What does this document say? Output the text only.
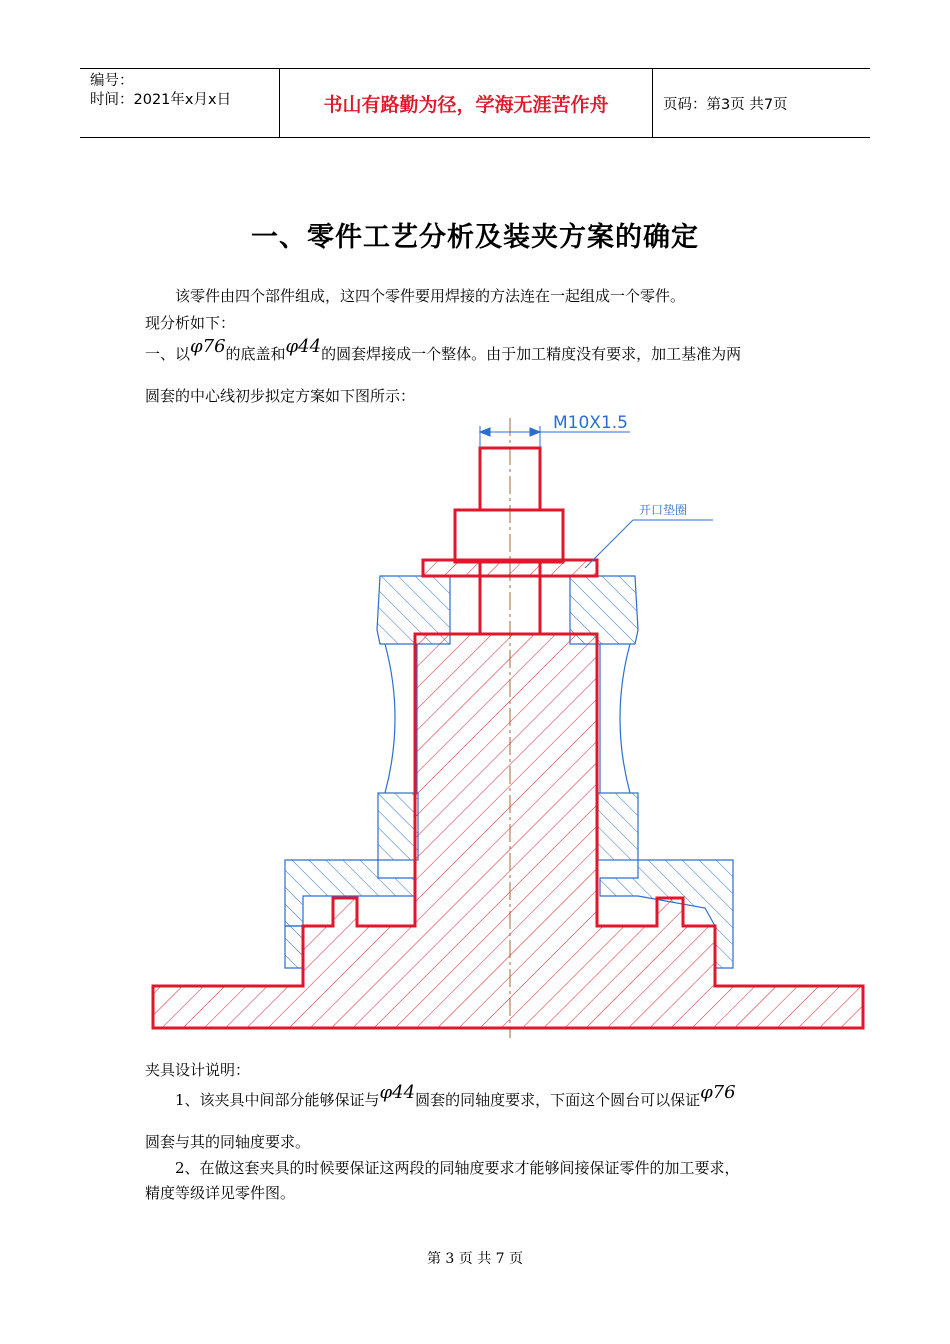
编号：
时间：2021年x月x日	书山有路勤为径，学海无涯苦作舟	页码：第3页 共7页
一、零件工艺分析及装夹方案的确定
该零件由四个部件组成，这四个零件要用焊接的方法连在一起组成一个零件。
现分析如下：
一、以φ76的底盖和φ44的圆套焊接成一个整体。由于加工精度没有要求，加工基准为两
圆套的中心线初步拟定方案如下图所示：
M10X1.5
开口垫圈
夹具设计说明：
1、该夹具中间部分能够保证与φ44圆套的同轴度要求，下面这个圆台可以保证φ76
圆套与其的同轴度要求。
2、在做这套夹具的时候要保证这两段的同轴度要求才能够间接保证零件的加工要求，
精度等级详见零件图。
第 3 页 共 7 页
